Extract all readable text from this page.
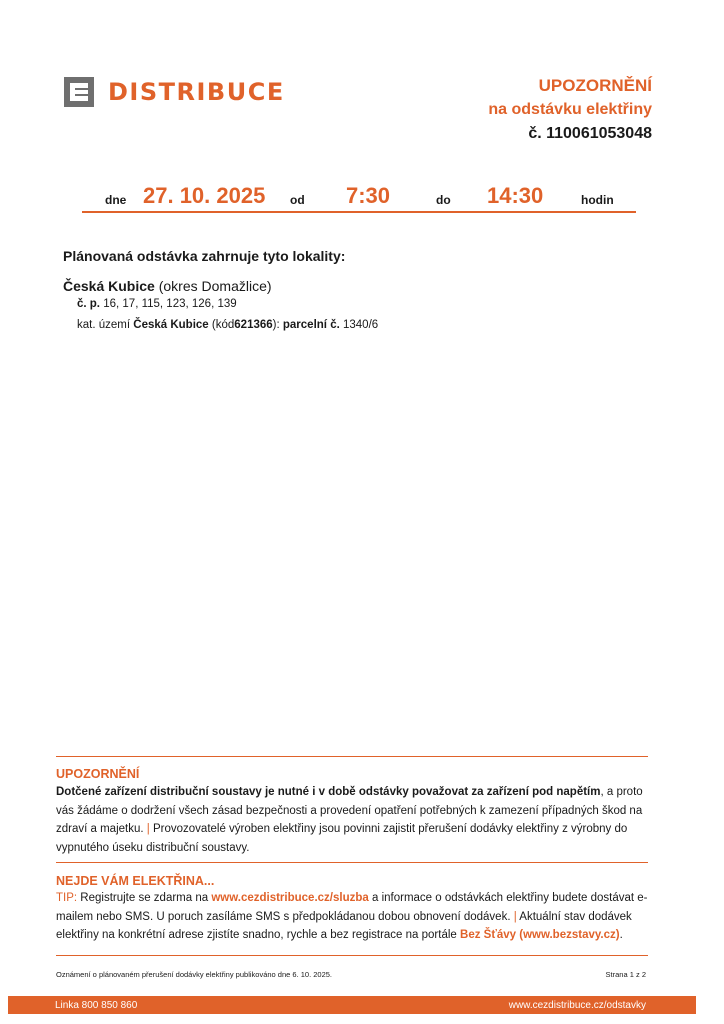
DISTRIBUCE	UPOZORNĚNÍ
na odstávku elektřiny
č. 110061053048
dne 27. 10. 2025 od 7:30	do 14:30	hodin
Plánovaná odstávka zahrnuje tyto lokality:
Česká Kubice (okres Domažlice)
č. p. 16, 17, 115, 123, 126, 139
kat. území Česká Kubice (kód621366): parcelní č. 1340/6
UPOZORNĚNÍ
Dotčené zařízení distribuční soustavy je nutné i v době odstávky považovat za zařízení pod napětím, a proto vás žádáme o dodržení všech zásad bezpečnosti a provedení opatření potřebných k zamezení případných škod na zdraví a majetku. | Provozovatelé výroben elektřiny jsou povinni zajistit přerušení dodávky elektřiny z výrobny do vypnutého úseku distribuční soustavy.
NEJDE VÁM ELEKTŘINA...
TIP: Registrujte se zdarma na www.cezdistribuce.cz/sluzba a informace o odstávkách elektřiny budete dostávat e-mailem nebo SMS. U poruch zasíláme SMS s předpokládanou dobou obnovení dodávek. | Aktuální stav dodávek elektřiny na konkrétní adrese zjistíte snadno, rychle a bez registrace na portále Bez Šťávy (www.bezstavy.cz).
Oznámení o plánovaném přerušení dodávky elektřiny publikováno dne 6. 10. 2025.	Strana 1 z 2
Linka 800 850 860	www.cezdistribuce.cz/odstavky
